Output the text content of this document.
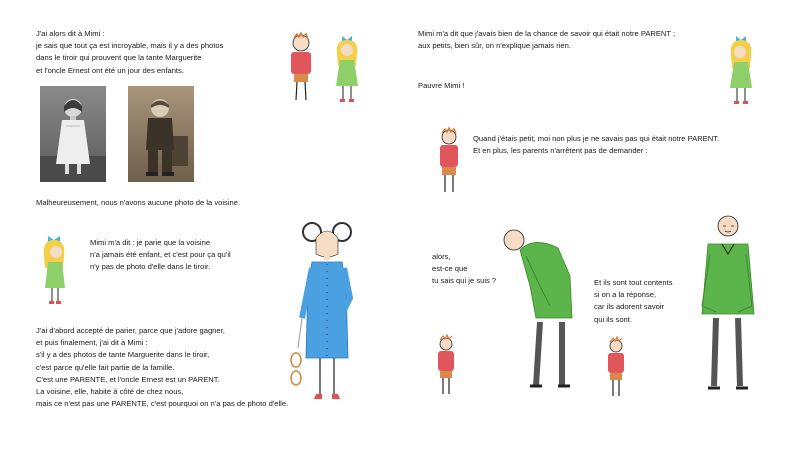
J'ai alors dit à Mimi :
je sais que tout ça est incroyable, mais il y a des photos
dans le tiroir qui prouvent que la tante Marguerite
et l'oncle Ernest ont été un jour des enfants.
Malheureusement, nous n'avons aucune photo de la voisine.
Mimi m'a dit : je parie que la voisine
n'a jamais été enfant, et c'est pour ça qu'il
n'y pas de photo d'elle dans le tiroir.
J'ai d'abord accepté de parier, parce que j'adore gagner,
et puis finalement, j'ai dit à Mimi :
s'il y a des photos de tante Marguerite dans le tiroir,
c'est parce qu'elle fait partie de la famille.
C'est une PARENTE, et l'oncle Ernest est un PARENT.
La voisine, elle, habite à côté de chez nous,
mais ce n'est pas une PARENTE, c'est pourquoi on n'a pas de photo d'elle.
Mimi m'a dit que j'avais bien de la chance de savoir qui était notre PARENT ;
aux petits, bien sûr, on n'explique jamais rien.
Pauvre Mimi !
Quand j'étais petit, moi non plus je ne savais pas qui était notre PARENT.
Et en plus, les parents n'arrêtent pas de demander :
alors,
est-ce que
tu sais qui je suis ?	Et ils sont tout contents
si on a la réponse,
car ils adorent savoir
qui ils sont.
